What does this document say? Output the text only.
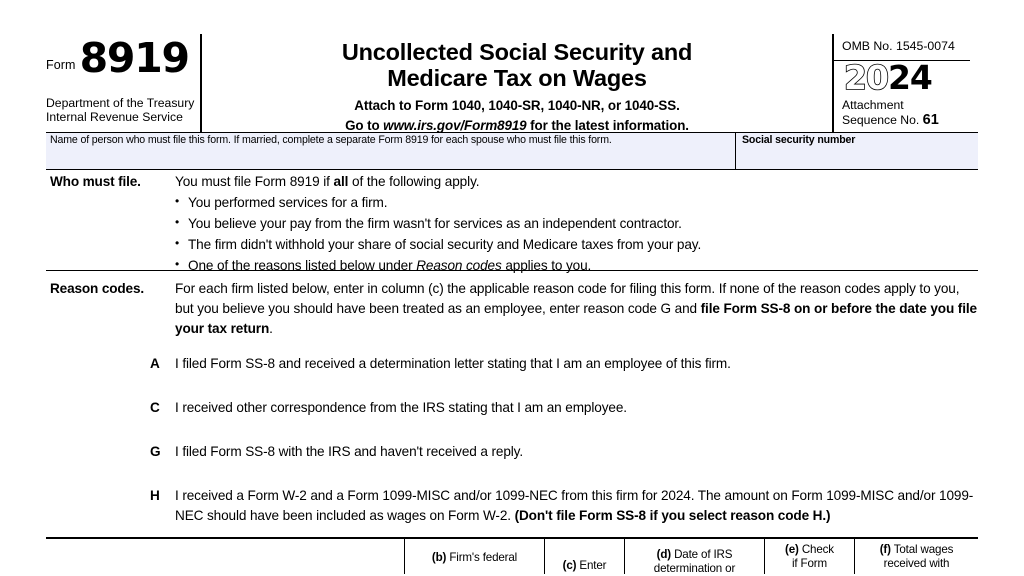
Form 8919
Department of the Treasury
Internal Revenue Service
Uncollected Social Security and
Medicare Tax on Wages
Attach to Form 1040, 1040-SR, 1040-NR, or 1040-SS.
Go to www.irs.gov/Form8919 for the latest information.
OMB No. 1545-0074
2024
Attachment
Sequence No. 61
Name of person who must file this form. If married, complete a separate Form 8919 for each spouse who must file this form.	Social security number
Who must file.	You must file Form 8919 if all of the following apply.
• You performed services for a firm.
• You believe your pay from the firm wasn't for services as an independent contractor.
• The firm didn't withhold your share of social security and Medicare taxes from your pay.
• One of the reasons listed below under Reason codes applies to you.
Reason codes.	For each firm listed below, enter in column (c) the applicable reason code for filing this form. If none of the reason codes apply to you, but you believe you should have been treated as an employee, enter reason code G and file Form SS-8 on or before the date you file your tax return.

A I filed Form SS-8 and received a determination letter stating that I am an employee of this firm.
C I received other correspondence from the IRS stating that I am an employee.
G I filed Form SS-8 with the IRS and haven't received a reply.
H I received a Form W-2 and a Form 1099-MISC and/or 1099-NEC from this firm for 2024. The amount on Form 1099-MISC and/or 1099-NEC should have been included as wages on Form W-2. (Don't file Form SS-8 if you select reason code H.)
(b) Firm's federal
(c) Enter
(d) Date of IRS
determination or
(e) Check
if Form
(f) Total wages
received with
